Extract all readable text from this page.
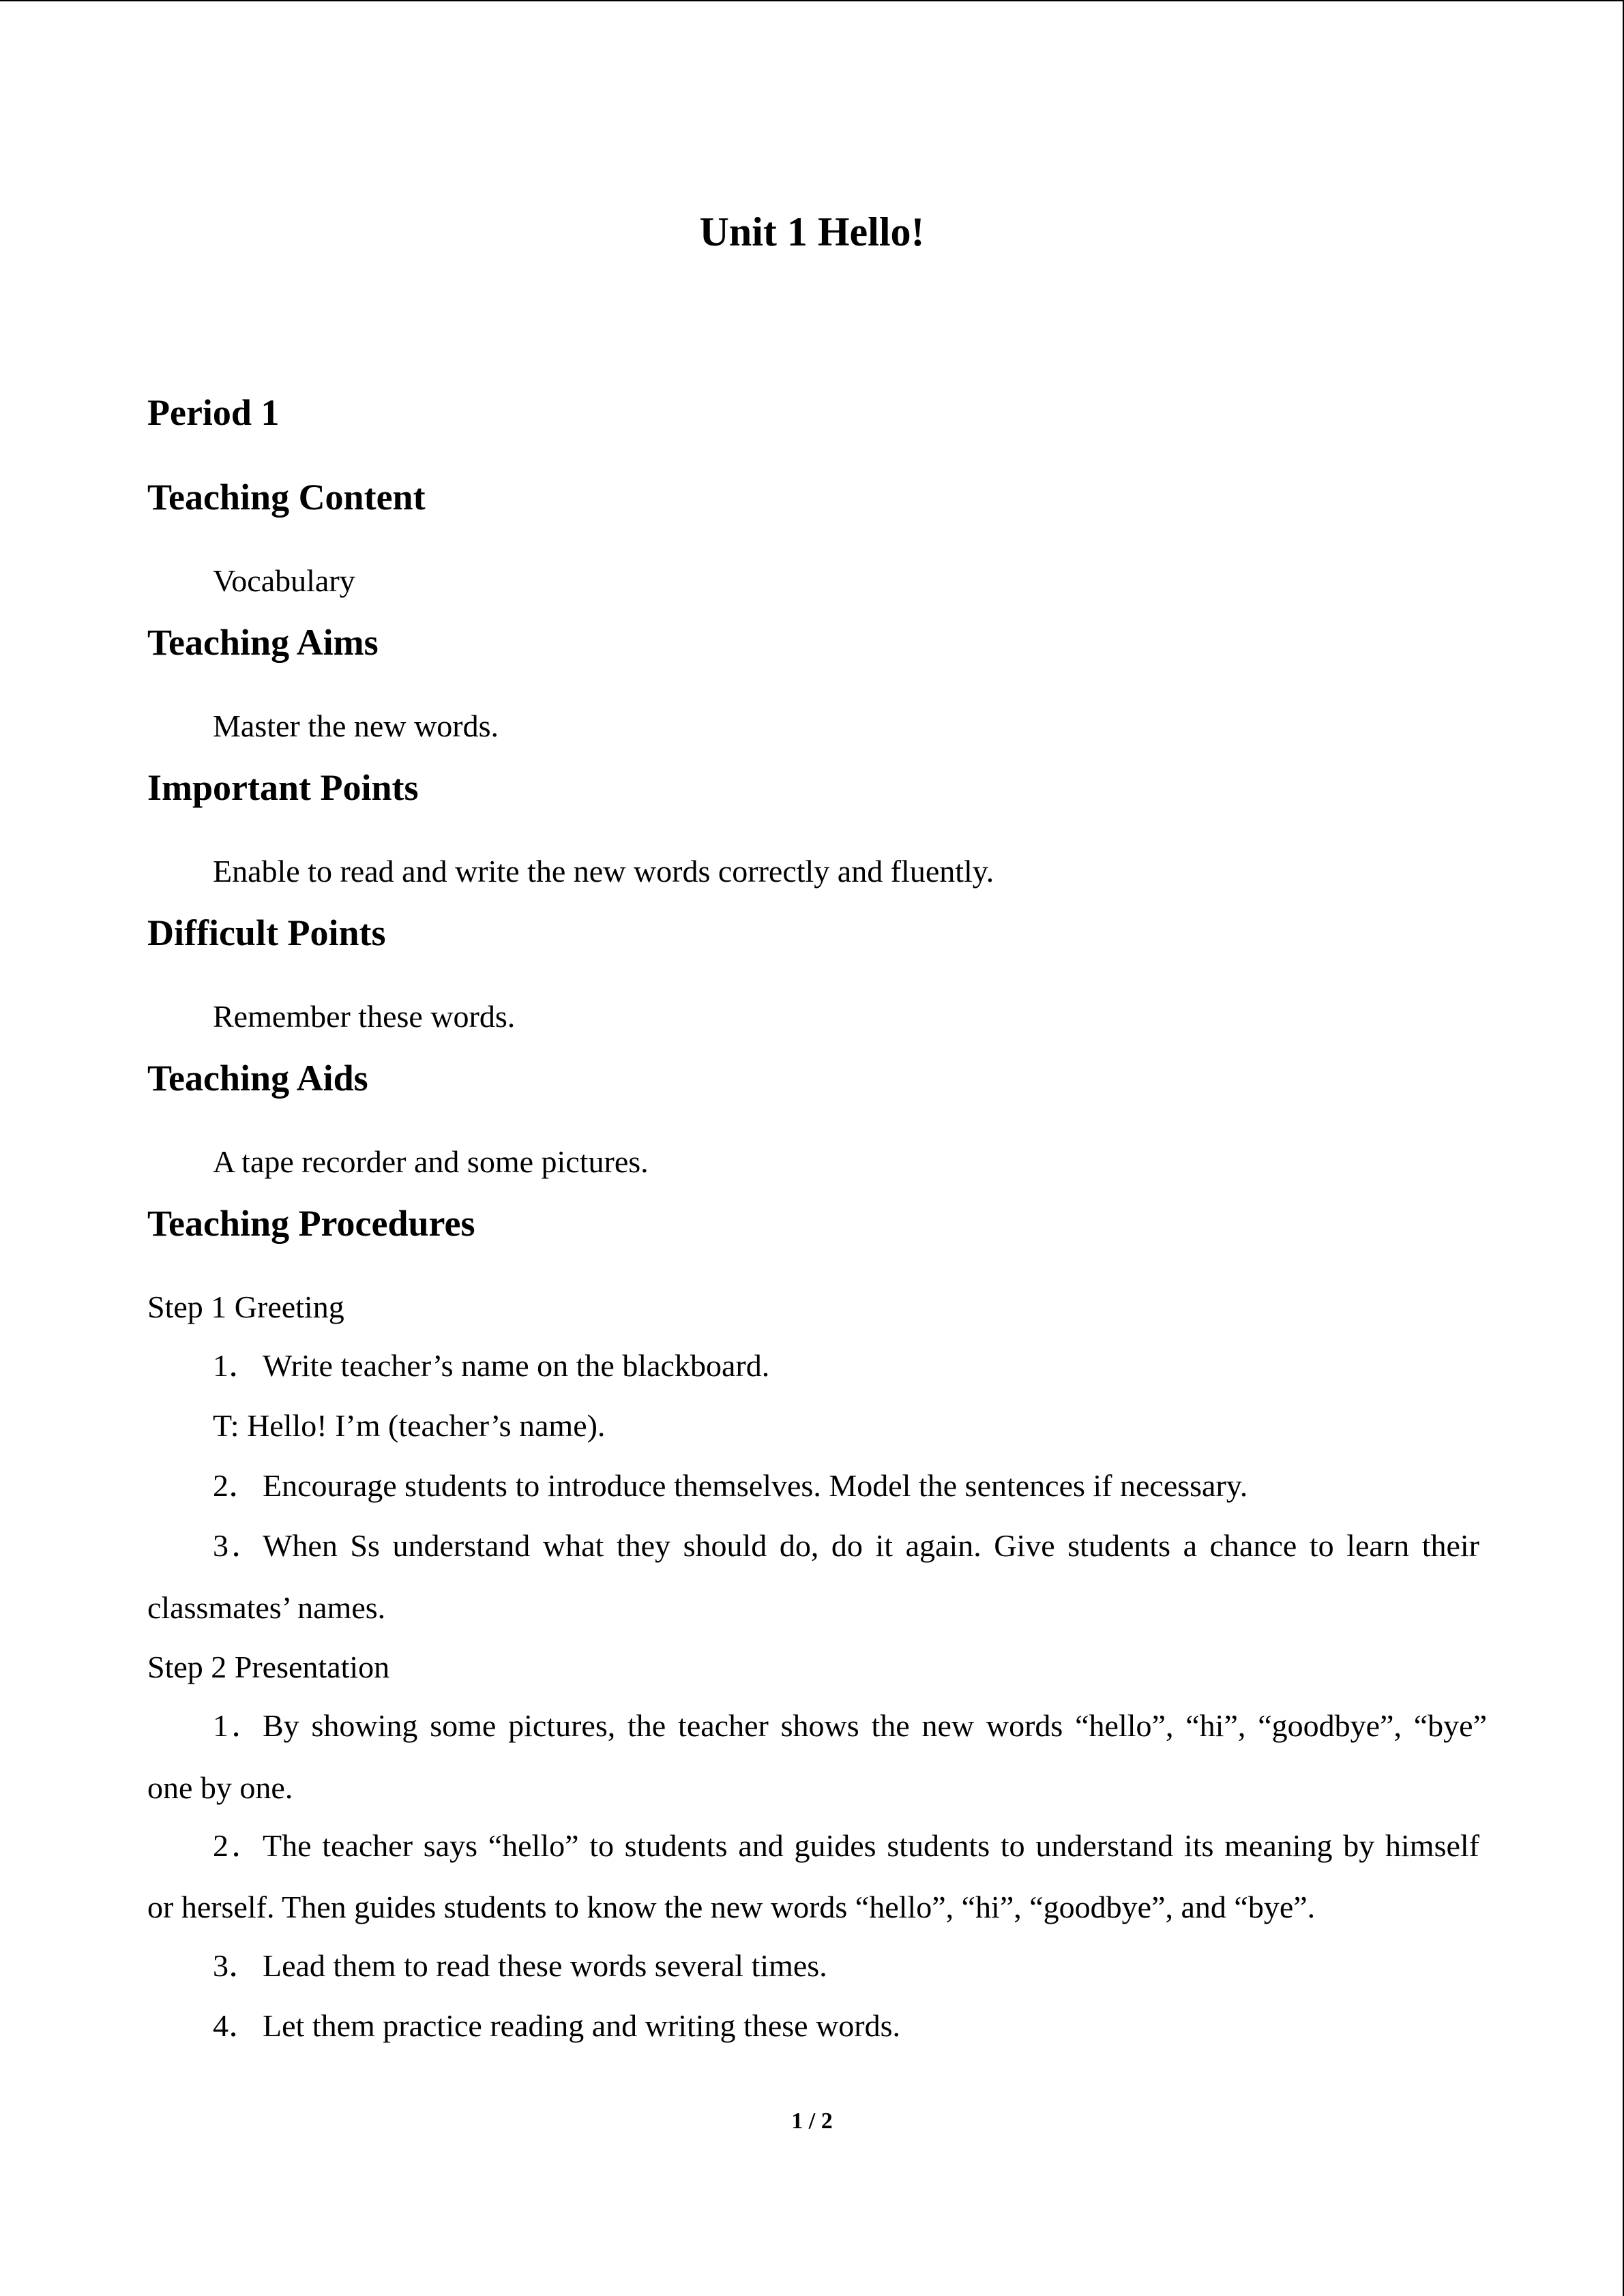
Unit 1 Hello!
Period 1
Teaching Content

Vocabulary

Teaching Aims

Master the new words.

Important Points

Enable to read and write the new words correctly and fluently.

Difficult Points

Remember these words.

Teaching Aids

A tape recorder and some pictures.

Teaching Procedures

Step 1 Greeting

1．Write teacher’s name on the blackboard.

T: Hello! I’m (teacher’s name).

2．Encourage students to introduce themselves. Model the sentences if necessary.

3．When Ss understand what they should do, do it again. Give students a chance to learn their

classmates’ names.

Step 2 Presentation

1．By showing some pictures, the teacher shows the new words “hello”, “hi”, “goodbye”, “bye”

one by one.

2．The teacher says “hello” to students and guides students to understand its meaning by himself

or herself. Then guides students to know the new words “hello”, “hi”, “goodbye”, and “bye”.

3．Lead them to read these words several times.

4．Let them practice reading and writing these words.

1 / 2
